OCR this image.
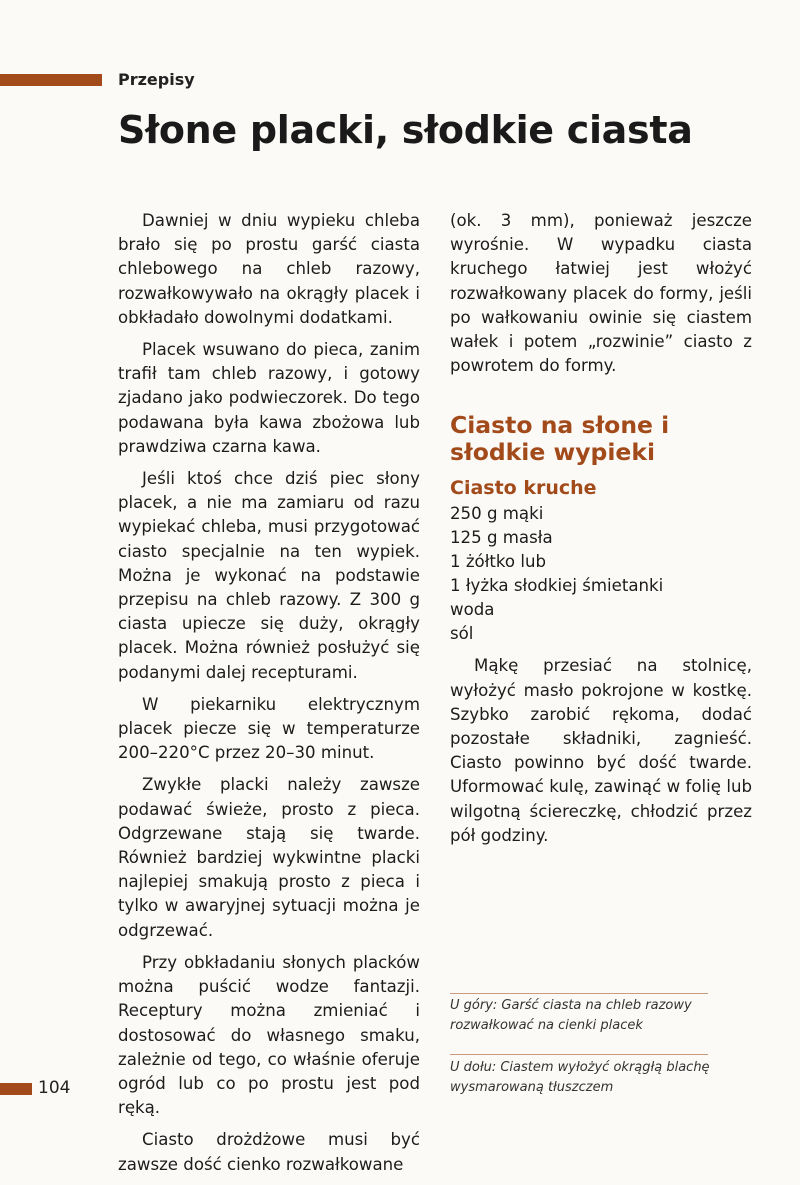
Przepisy
Słone placki, słodkie ciasta

Dawniej w dniu wypieku chleba brało się po prostu garść ciasta chlebowego na chleb razowy, rozwałkowywało na okrągły placek i obkładało dowolnymi dodatkami.

Placek wsuwano do pieca, zanim trafił tam chleb razowy, i gotowy zjadano jako podwieczorek. Do tego podawana była kawa zbożowa lub prawdziwa czarna kawa.

Jeśli ktoś chce dziś piec słony placek, a nie ma zamiaru od razu wypiekać chleba, musi przygotować ciasto specjalnie na ten wypiek. Można je wykonać na podstawie przepisu na chleb razowy. Z 300 g ciasta upiecze się duży, okrągły placek. Można również posłużyć się podanymi dalej recepturami.

W piekarniku elektrycznym placek piecze się w temperaturze 200–220°C przez 20–30 minut.

Zwykłe placki należy zawsze podawać świeże, prosto z pieca. Odgrzewane stają się twarde. Również bardziej wykwintne placki najlepiej smakują prosto z pieca i tylko w awaryjnej sytuacji można je odgrzewać.

Przy obkładaniu słonych placków można puścić wodze fantazji. Receptury można zmieniać i dostosować do własnego smaku, zależnie od tego, co właśnie oferuje ogród lub co po prostu jest pod ręką.

Ciasto drożdżowe musi być zawsze dość cienko rozwałkowane

(ok. 3 mm), ponieważ jeszcze wyrośnie. W wypadku ciasta kruchego łatwiej jest włożyć rozwałkowany placek do formy, jeśli po wałkowaniu owinie się ciastem wałek i potem „rozwinie” ciasto z powrotem do formy.

Ciasto na słone i słodkie wypieki
Ciasto kruche
250 g mąki
125 g masła
1 żółtko lub
1 łyżka słodkiej śmietanki
woda
sól

Mąkę przesiać na stolnicę, wyłożyć masło pokrojone w kostkę. Szybko zarobić rękoma, dodać pozostałe składniki, zagnieść. Ciasto powinno być dość twarde. Uformować kulę, zawinąć w folię lub wilgotną ściereczkę, chłodzić przez pół godziny.

U góry: Garść ciasta na chleb razowy rozwałkować na cienki placek
U dołu: Ciastem wyłożyć okrągłą blachę wysmarowaną tłuszczem
104
